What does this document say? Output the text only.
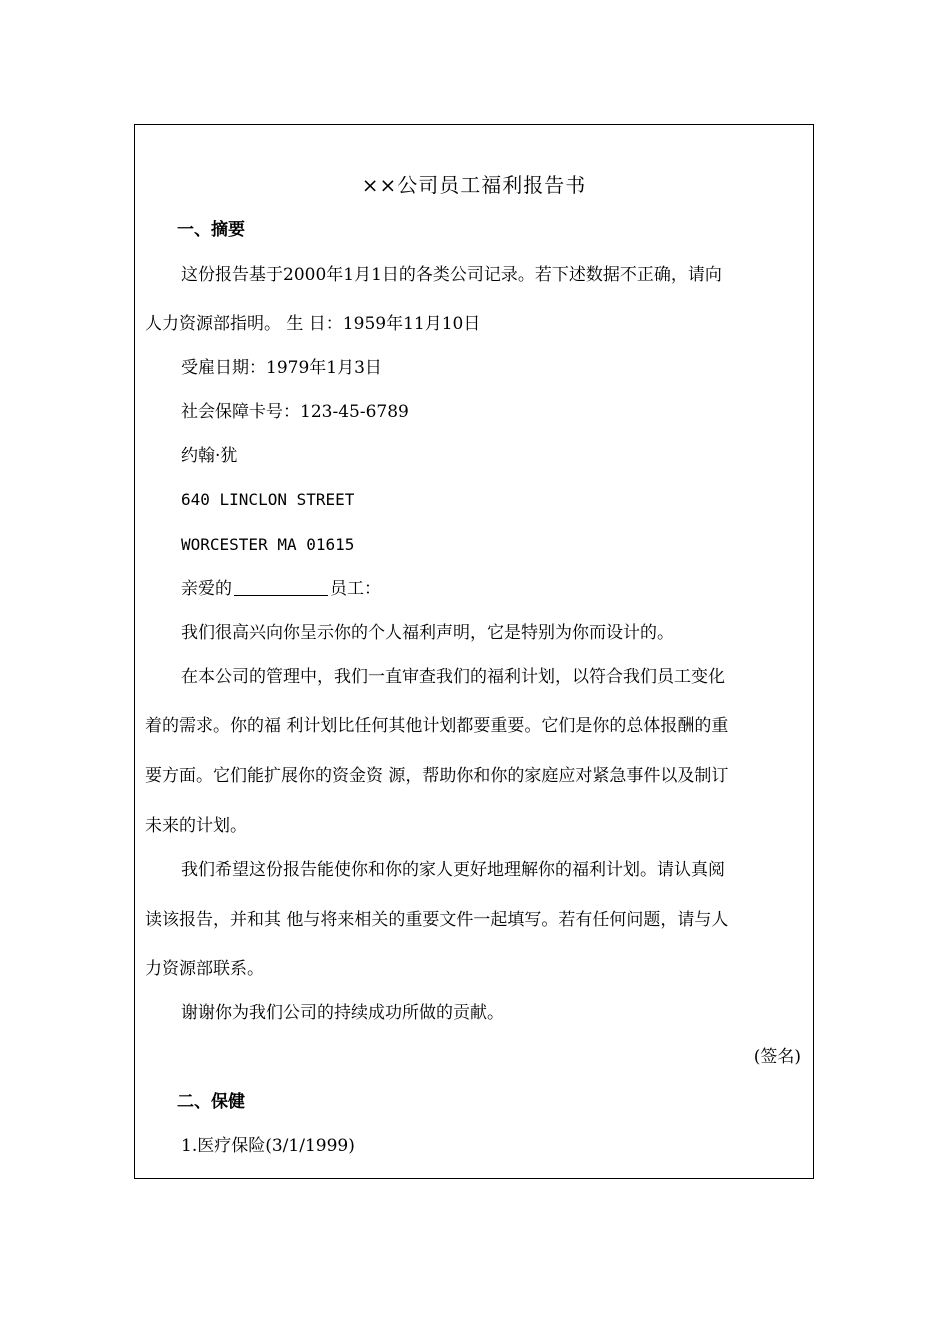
××公司员工福利报告书
一、摘要
这份报告基于2000年1月1日的各类公司记录。若下述数据不正确，请向
人力资源部指明。 生 日：1959年11月10日
受雇日期：1979年1月3日
社会保障卡号：123-45-6789
约翰·犹
640 LINCLON STREET
WORCESTER MA 01615
亲爱的	员工：
我们很高兴向你呈示你的个人福利声明，它是特别为你而设计的。
在本公司的管理中，我们一直审查我们的福利计划，以符合我们员工变化
着的需求。你的福 利计划比任何其他计划都要重要。它们是你的总体报酬的重
要方面。它们能扩展你的资金资 源，帮助你和你的家庭应对紧急事件以及制订
未来的计划。
我们希望这份报告能使你和你的家人更好地理解你的福利计划。请认真阅
读该报告，并和其 他与将来相关的重要文件一起填写。若有任何问题，请与人
力资源部联系。
谢谢你为我们公司的持续成功所做的贡献。
(签名)
二、保健
1.医疗保险(3/1/1999)
